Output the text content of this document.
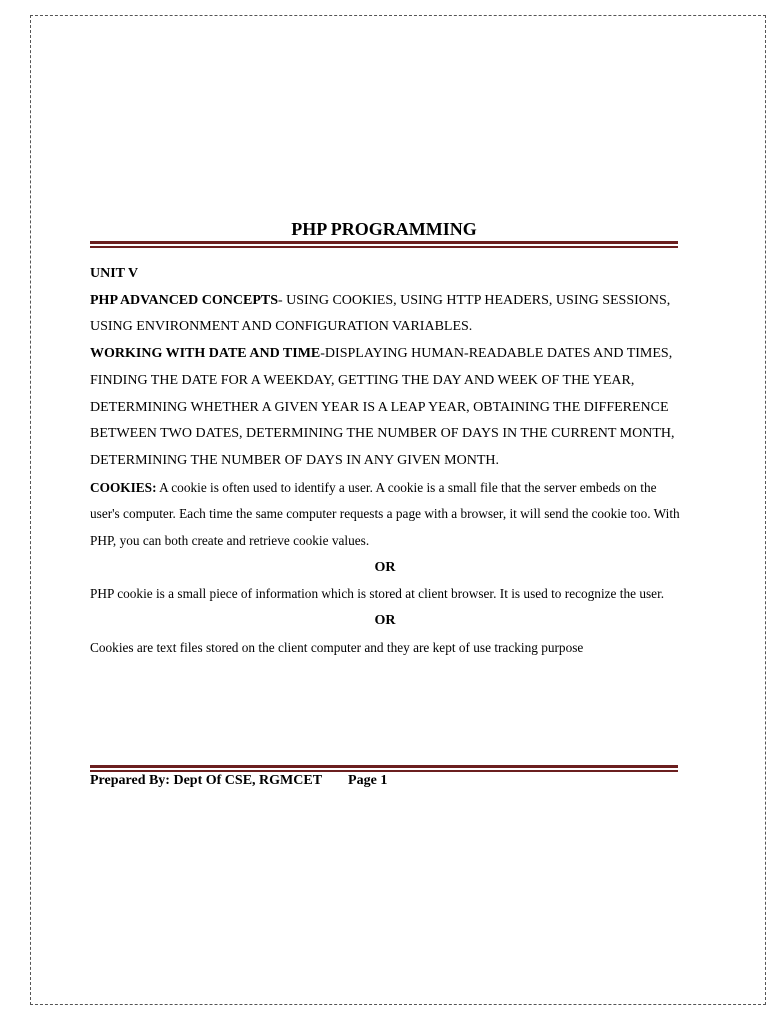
PHP PROGRAMMING

UNIT V

PHP ADVANCED CONCEPTS- USING COOKIES, USING HTTP HEADERS, USING SESSIONS, USING ENVIRONMENT AND CONFIGURATION VARIABLES.

WORKING WITH DATE AND TIME-DISPLAYING HUMAN-READABLE DATES AND TIMES, FINDING THE DATE FOR A WEEKDAY, GETTING THE DAY AND WEEK OF THE YEAR, DETERMINING WHETHER A GIVEN YEAR IS A LEAP YEAR, OBTAINING THE DIFFERENCE BETWEEN TWO DATES, DETERMINING THE NUMBER OF DAYS IN THE CURRENT MONTH, DETERMINING THE NUMBER OF DAYS IN ANY GIVEN MONTH.

COOKIES: A cookie is often used to identify a user. A cookie is a small file that the server embeds on the user's computer. Each time the same computer requests a page with a browser, it will send the cookie too. With PHP, you can both create and retrieve cookie values.

OR

PHP cookie is a small piece of information which is stored at client browser. It is used to recognize the user.

OR

Cookies are text files stored on the client computer and they are kept of use tracking purpose

Prepared By: Dept Of CSE, RGMCET Page 1
